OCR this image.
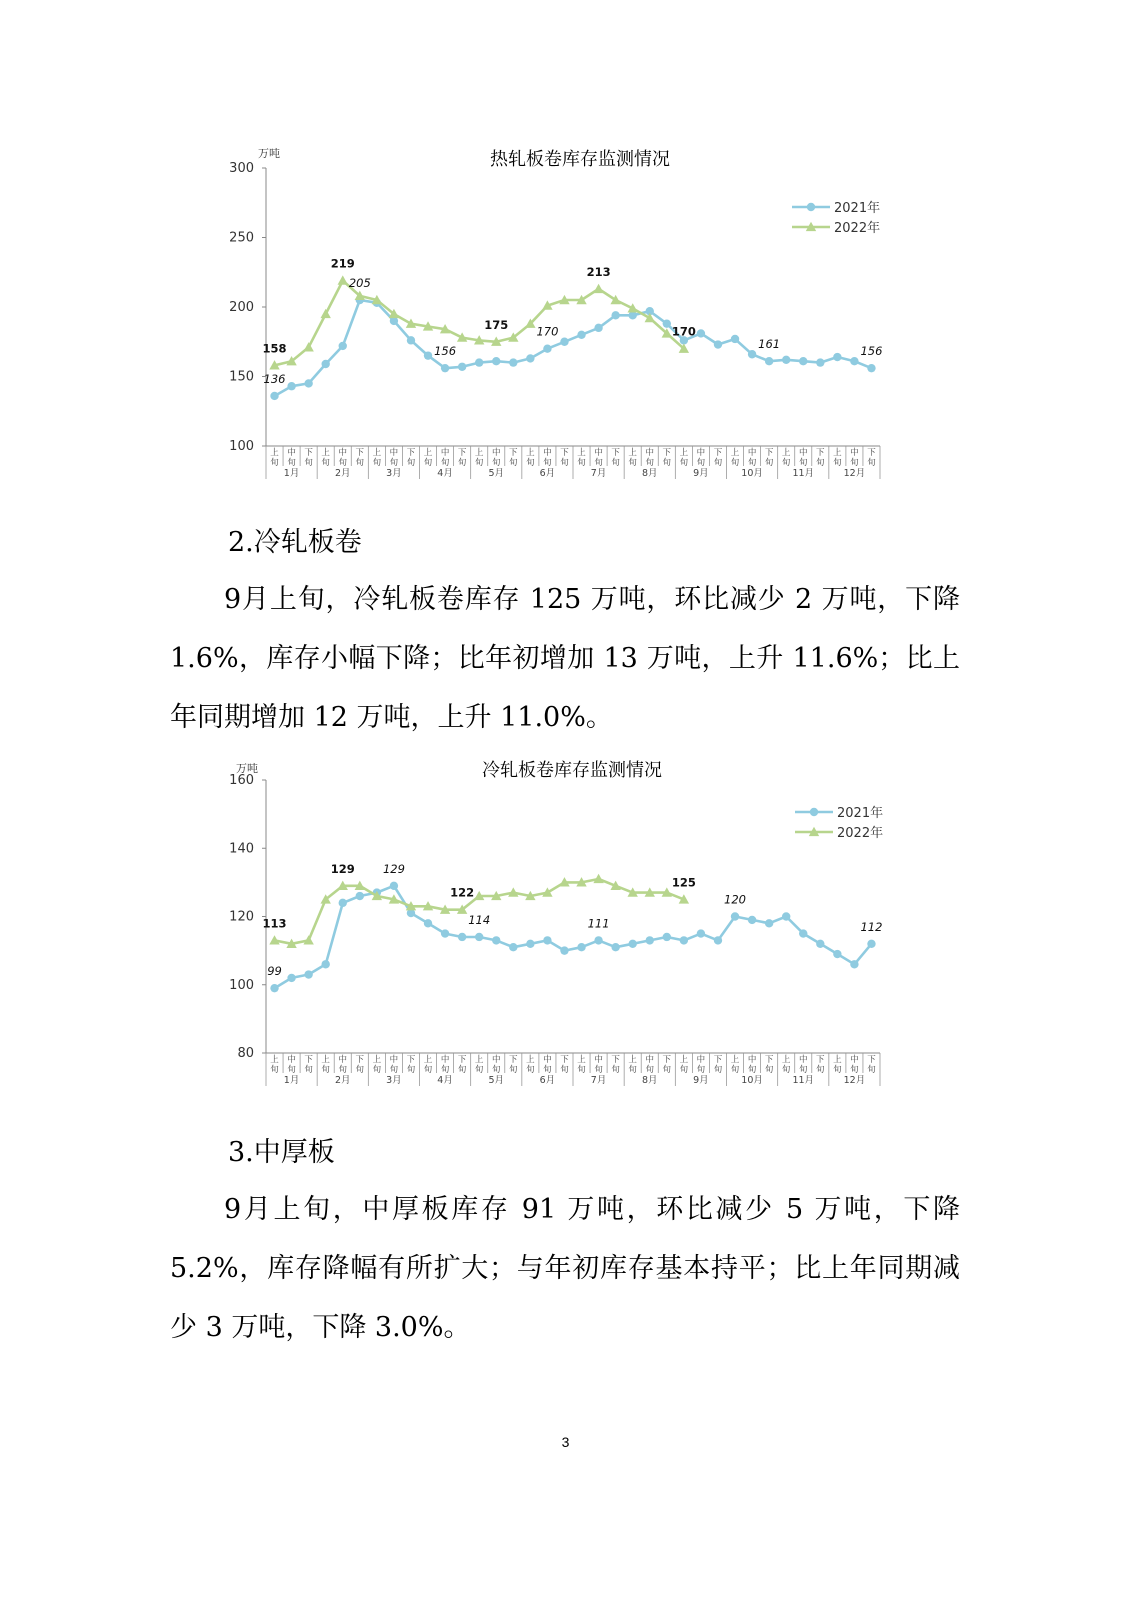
热轧板卷库存监测情况
万吨
100
150
200
250
300
上
旬
中
旬
下
旬
上
旬
中
旬
下
旬
上
旬
中
旬
下
旬
上
旬
中
旬
下
旬
上
旬
中
旬
下
旬
上
旬
中
旬
下
旬
上
旬
中
旬
下
旬
上
旬
中
旬
下
旬
上
旬
中
旬
下
旬
上
旬
中
旬
下
旬
上
旬
中
旬
下
旬
上
旬
中
旬
下
旬
1月	2月	3月	4月	5月	6月	7月	8月	9月	10月	11月	12月
136
205
156
170
161	156
158
219
175
213
170
2021年
2022年
2.冷轧板卷

9月上旬，冷轧板卷库存 125 万吨，环比减少 2 万吨，下降 1.6%，库存小幅下降；比年初增加 13 万吨，上升 11.6%；比上年同期增加 12 万吨，上升 11.0%。

冷轧板卷库存监测情况
万吨
80
100
120
140
160
上
旬
中
旬
下
旬
上
旬
中
旬
下
旬
上
旬
中
旬
下
旬
上
旬
中
旬
下
旬
上
旬
中
旬
下
旬
上
旬
中
旬
下
旬
上
旬
中
旬
下
旬
上
旬
中
旬
下
旬
上
旬
中
旬
下
旬
上
旬
中
旬
下
旬
上
旬
中
旬
下
旬
上
旬
中
旬
下
旬
1月	2月	3月	4月	5月	6月	7月	8月	9月	10月	11月	12月
99
129
114	111
120
112
113
129
122
125
2021年
2022年
3.中厚板

9月上旬，中厚板库存 91 万吨，环比减少 5 万吨，下降 5.2%，库存降幅有所扩大；与年初库存基本持平；比上年同期减少 3 万吨，下降 3.0%。

3
